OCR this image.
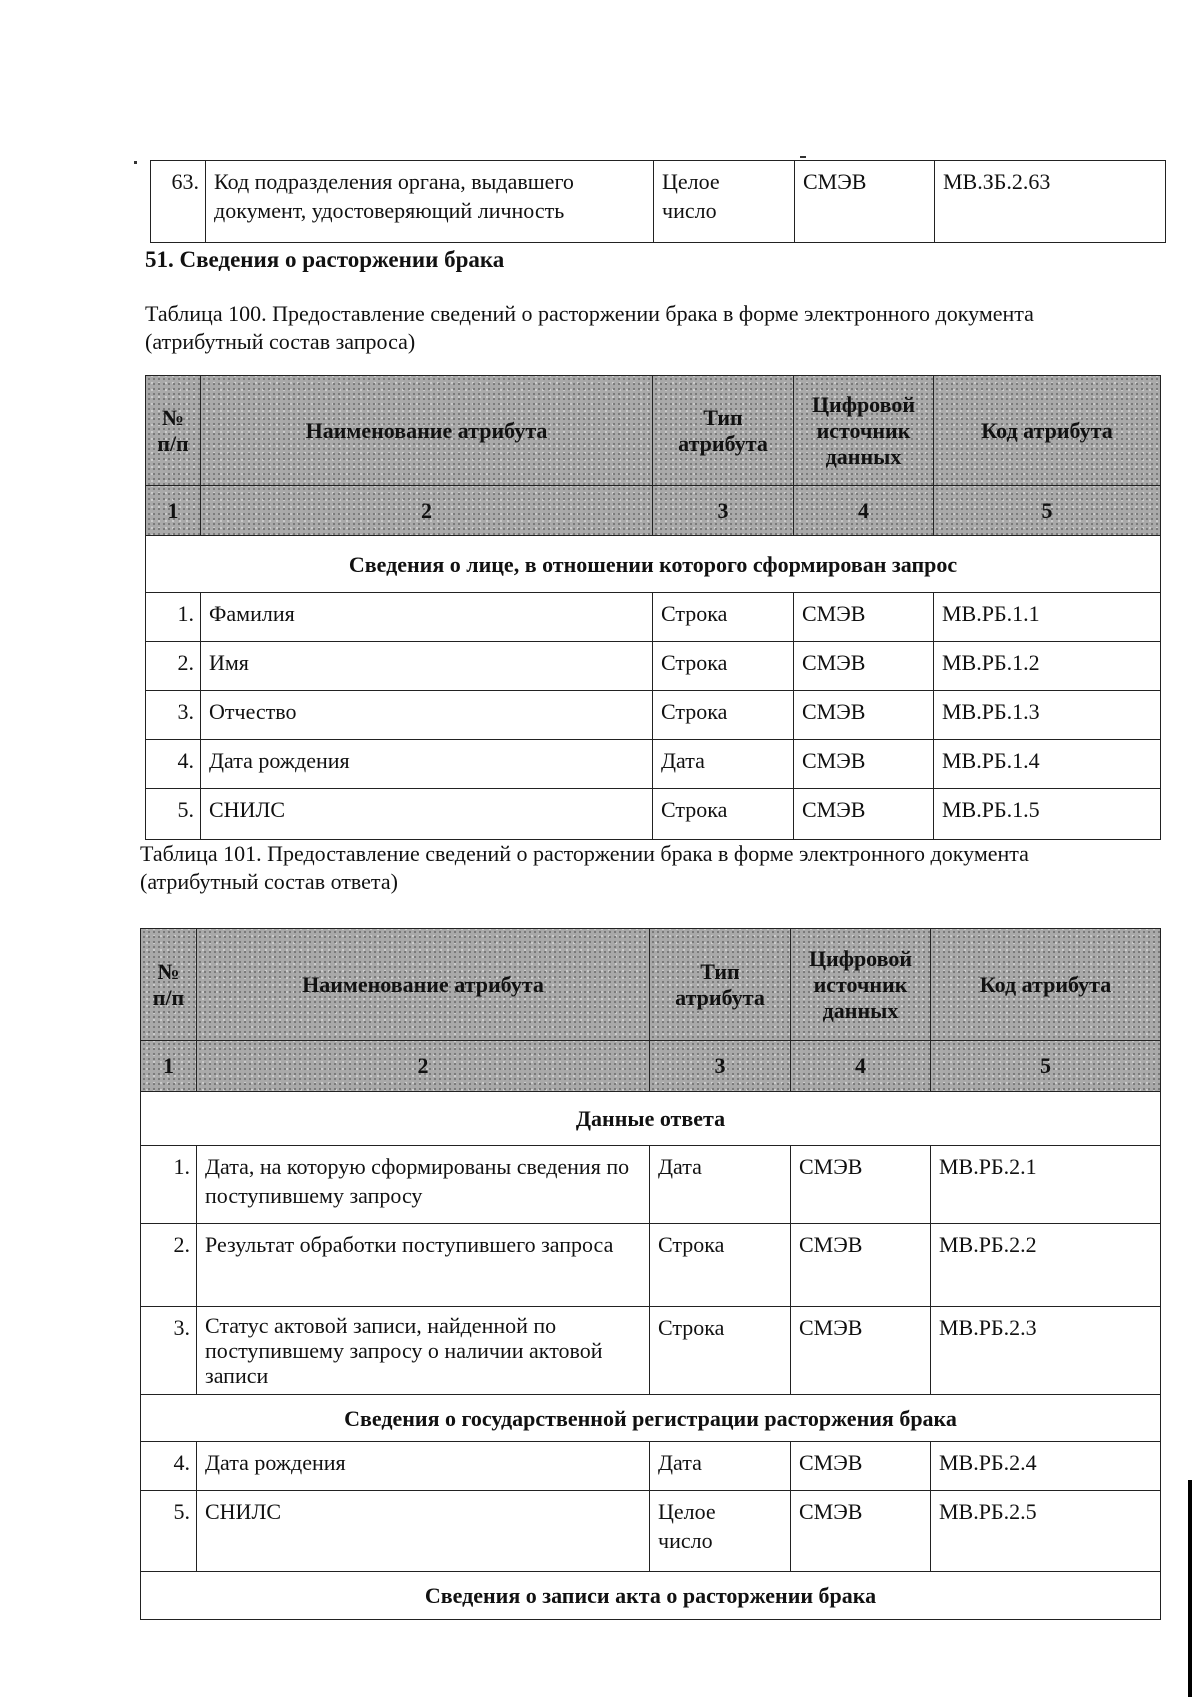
63.	Код подразделения органа, выдавшего документ, удостоверяющий личность	Целое число	СМЭВ	МВ.ЗБ.2.63

51. Сведения о расторжении брака

Таблица 100. Предоставление сведений о расторжении брака в форме электронного документа (атрибутный состав запроса)

№ п/п	Наименование атрибута	Тип атрибута	Цифровой источник данных	Код атрибута
1	2	3	4	5
Сведения о лице, в отношении которого сформирован запрос				
1.	Фамилия	Строка	СМЭВ	МВ.РБ.1.1
2.	Имя	Строка	СМЭВ	МВ.РБ.1.2
3.	Отчество	Строка	СМЭВ	МВ.РБ.1.3
4.	Дата рождения	Дата	СМЭВ	МВ.РБ.1.4
5.	СНИЛС	Строка	СМЭВ	МВ.РБ.1.5

Таблица 101. Предоставление сведений о расторжении брака в форме электронного документа (атрибутный состав ответа)

№ п/п	Наименование атрибута	Тип атрибута	Цифровой источник данных	Код атрибута
1	2	3	4	5
Данные ответа				
1.	Дата, на которую сформированы сведения по поступившему запросу	Дата	СМЭВ	МВ.РБ.2.1
2.	Результат обработки поступившего запроса	Строка	СМЭВ	МВ.РБ.2.2
3.	Статус актовой записи, найденной по поступившему запросу о наличии актовой записи	Строка	СМЭВ	МВ.РБ.2.3
Сведения о государственной регистрации расторжения брака				
4.	Дата рождения	Дата	СМЭВ	МВ.РБ.2.4
5.	СНИЛС	Целое число	СМЭВ	МВ.РБ.2.5
Сведения о записи акта о расторжении брака				
